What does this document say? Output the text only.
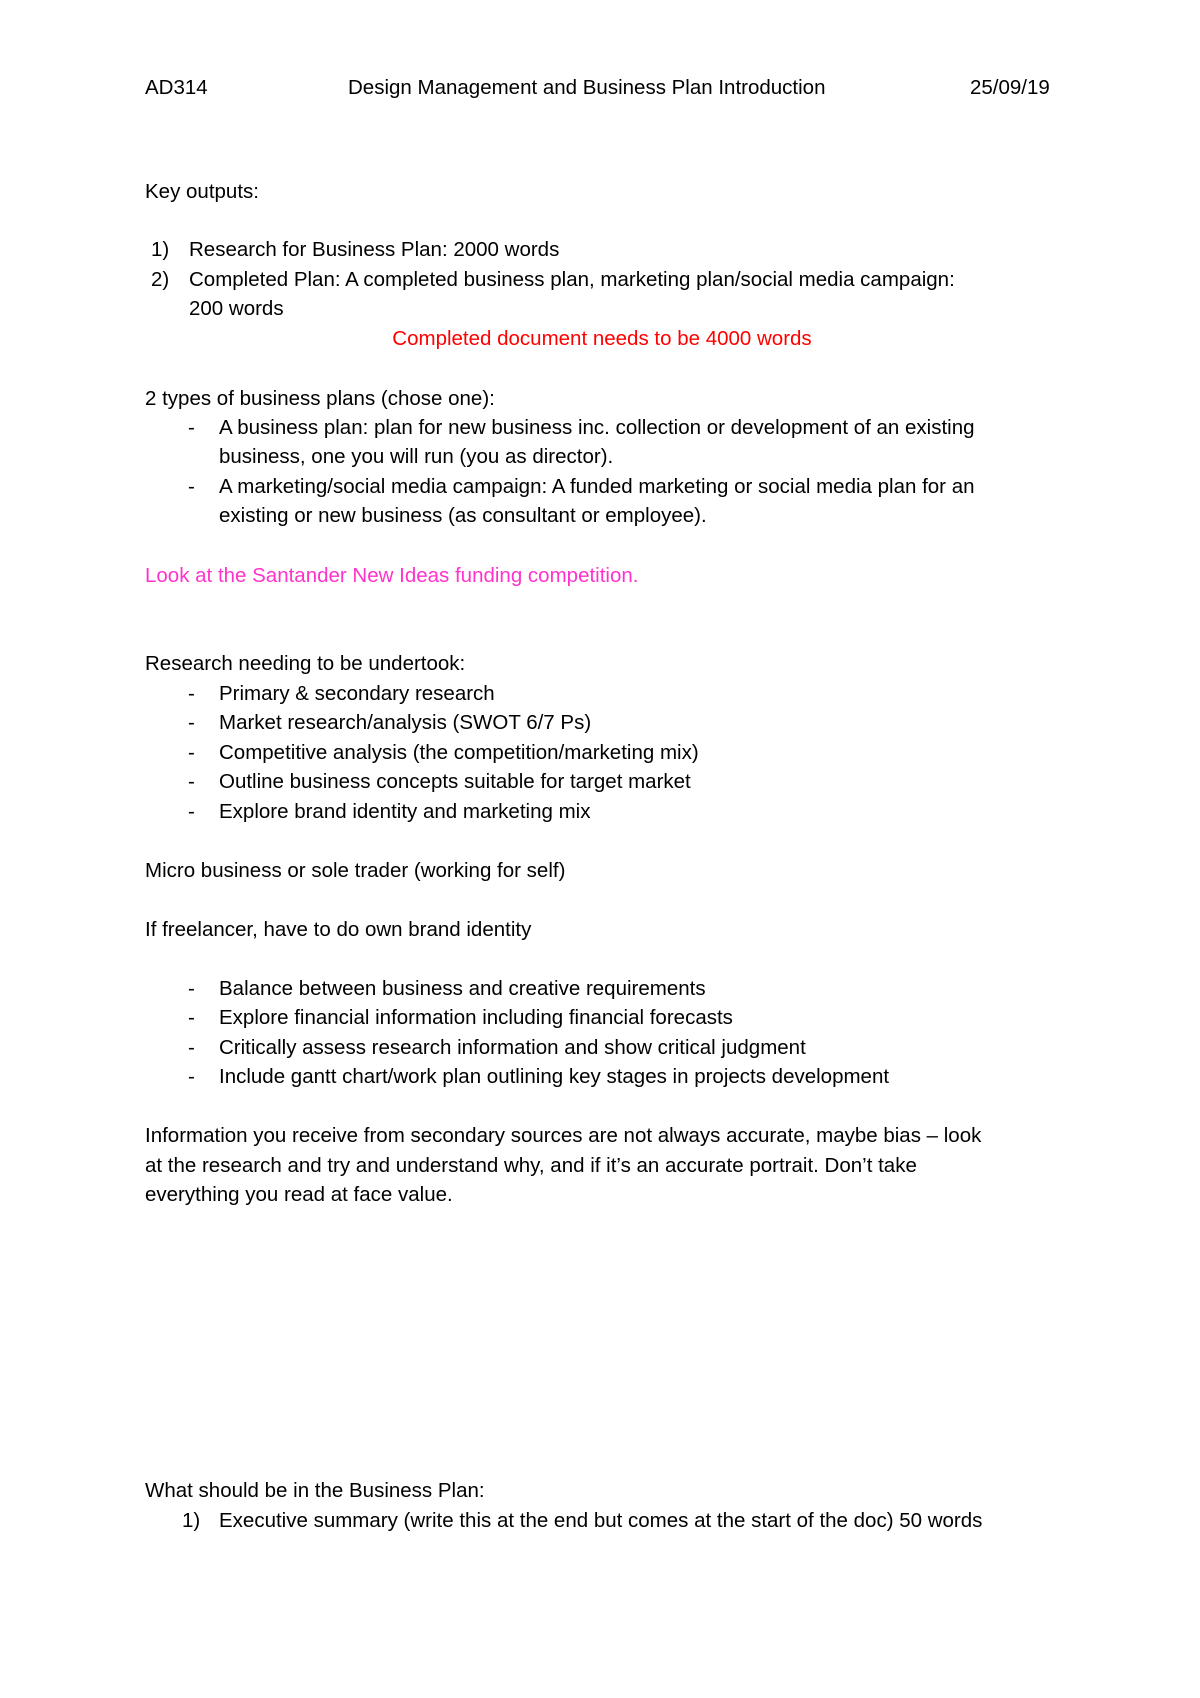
AD314	Design Management and Business Plan Introduction	25/09/19
Key outputs:
1) Research for Business Plan: 2000 words
2) Completed Plan: A completed business plan, marketing plan/social media campaign:
200 words
Completed document needs to be 4000 words
2 types of business plans (chose one):
- A business plan: plan for new business inc. collection or development of an existing
business, one you will run (you as director).
- A marketing/social media campaign: A funded marketing or social media plan for an
existing or new business (as consultant or employee).
Look at the Santander New Ideas funding competition.
Research needing to be undertook:
- Primary & secondary research
- Market research/analysis (SWOT 6/7 Ps)
- Competitive analysis (the competition/marketing mix)
- Outline business concepts suitable for target market
- Explore brand identity and marketing mix
Micro business or sole trader (working for self)
If freelancer, have to do own brand identity
- Balance between business and creative requirements
- Explore financial information including financial forecasts
- Critically assess research information and show critical judgment
- Include gantt chart/work plan outlining key stages in projects development
Information you receive from secondary sources are not always accurate, maybe bias – look
at the research and try and understand why, and if it’s an accurate portrait. Don’t take
everything you read at face value.
What should be in the Business Plan:
1) Executive summary (write this at the end but comes at the start of the doc) 50 words
